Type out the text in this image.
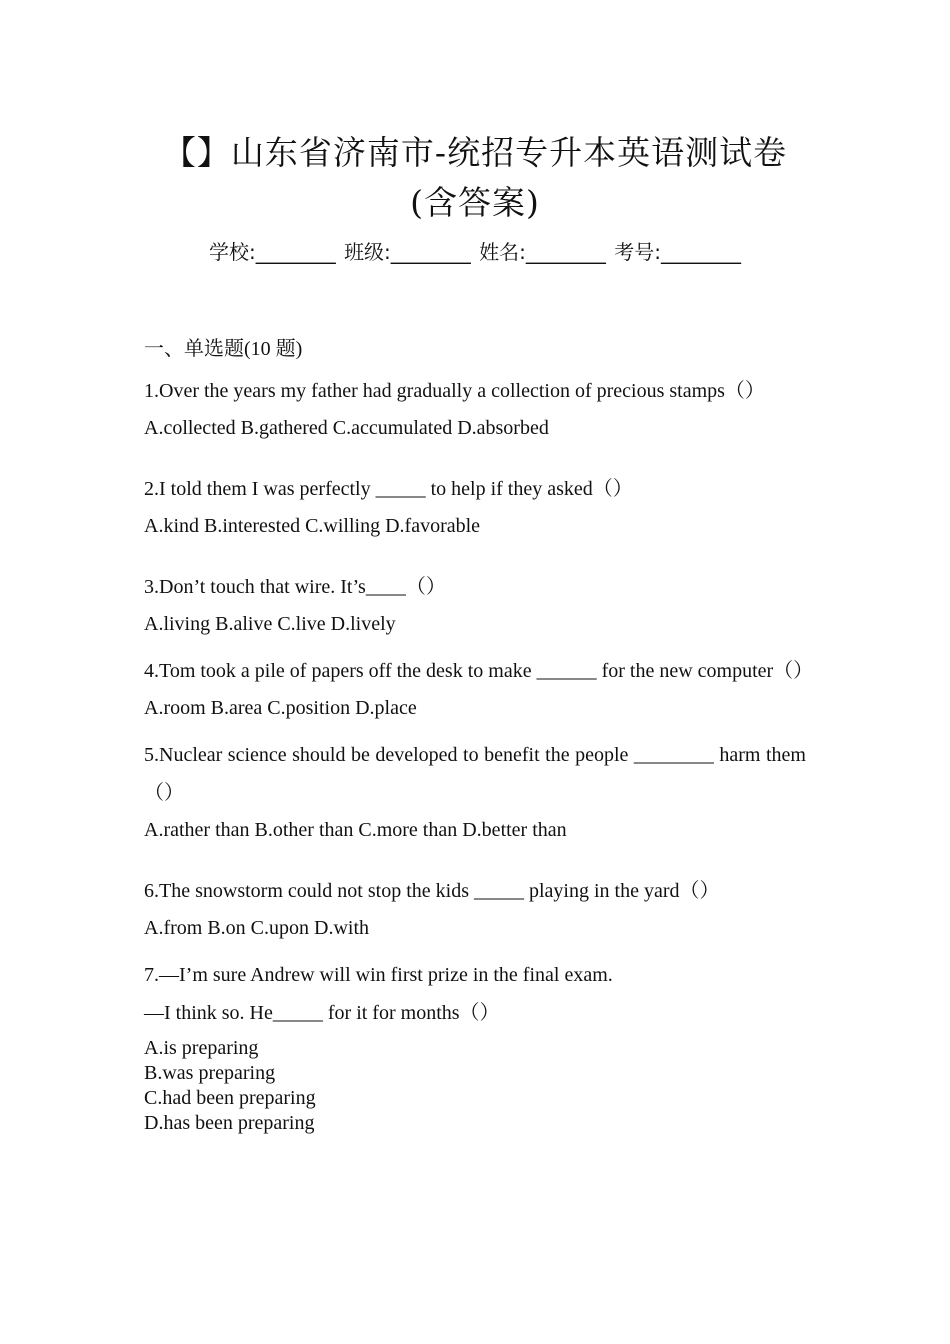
【】山东省济南市-统招专升本英语测试卷
(含答案)
学校:________ 班级:________ 姓名:________ 考号:________
一、单选题(10 题)
1.Over the years my father had gradually a collection of precious stamps（）
A.collected B.gathered C.accumulated D.absorbed
2.I told them I was perfectly _____ to help if they asked（）
A.kind B.interested C.willing D.favorable
3.Don’t touch that wire. It’s____（）
A.living B.alive C.live D.lively
4.Tom took a pile of papers off the desk to make ______ for the new computer（）
A.room B.area C.position D.place
5.Nuclear science should be developed to benefit the people ________ harm them（）
A.rather than B.other than C.more than D.better than
6.The snowstorm could not stop the kids _____ playing in the yard（）
A.from B.on C.upon D.with
7.—I’m sure Andrew will win first prize in the final exam.
—I think so. He_____ for it for months（）
A.is preparing
B.was preparing
C.had been preparing
D.has been preparing
